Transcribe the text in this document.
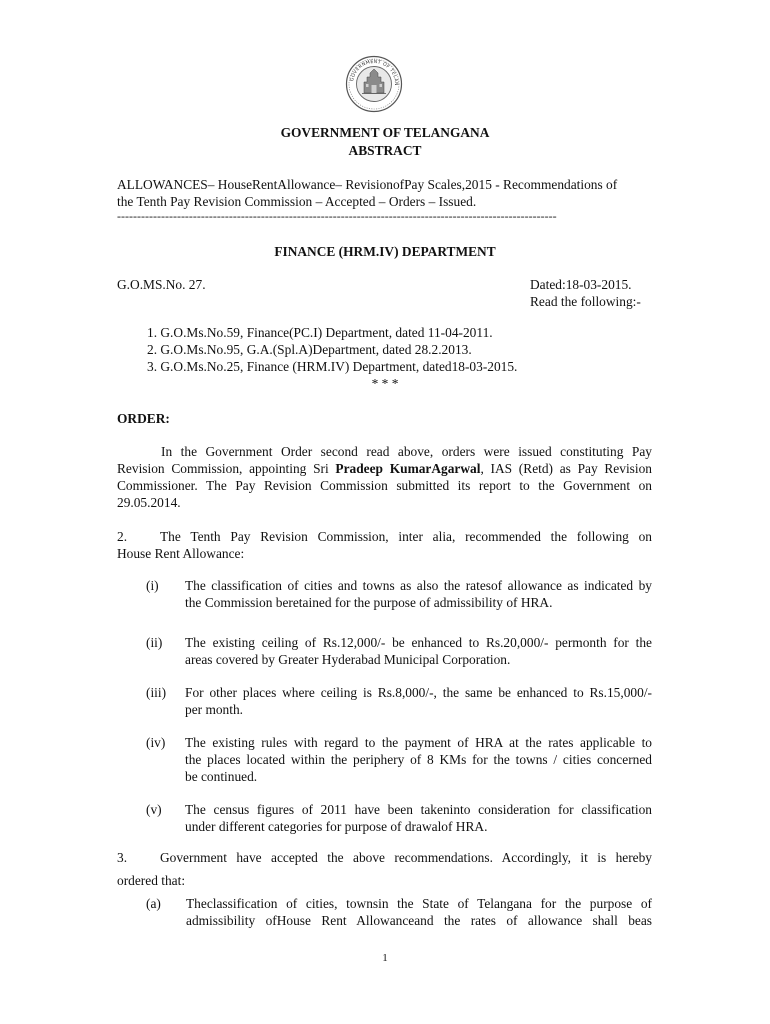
GOVERNMENT OF TELAN
GOVERNMENT OF TELANGANA
ABSTRACT
ALLOWANCES– HouseRentAllowance– RevisionofPay Scales,2015 - Recommendations of
the Tenth Pay Revision Commission – Accepted – Orders – Issued.
--------------------------------------------------------------------------------------------------------------
FINANCE (HRM.IV) DEPARTMENT
G.O.MS.No. 27.	Dated:18-03-2015.
Read the following:-
1. G.O.Ms.No.59, Finance(PC.I) Department, dated 11-04-2011.
2. G.O.Ms.No.95, G.A.(Spl.A)Department, dated 28.2.2013.
3. G.O.Ms.No.25, Finance (HRM.IV) Department, dated18-03-2015.
* * *
ORDER:
In the Government Order second read above, orders were issued constituting Pay
Revision Commission, appointing Sri Pradeep KumarAgarwal, IAS (Retd) as Pay Revision
Commissioner. The Pay Revision Commission submitted its report to the Government on
29.05.2014.
2.	The Tenth Pay Revision Commission, inter alia, recommended the following on
House Rent Allowance:
(i)	The classification of cities and towns as also the ratesof allowance as indicated by
the Commission beretained for the purpose of admissibility of HRA.
(ii)	The existing ceiling of Rs.12,000/- be enhanced to Rs.20,000/- permonth for the
areas covered by Greater Hyderabad Municipal Corporation.
(iii)	For other places where ceiling is Rs.8,000/-, the same be enhanced to Rs.15,000/-
per month.
(iv)	The existing rules with regard to the payment of HRA at the rates applicable to
the places located within the periphery of 8 KMs for the towns / cities concerned
be continued.
(v)	The census figures of 2011 have been takeninto consideration for classification
under different categories for purpose of drawalof HRA.
3.	Government have accepted the above recommendations. Accordingly, it is hereby
ordered that:
(a)	Theclassification of cities, townsin the State of Telangana for the purpose of
admissibility ofHouse Rent Allowanceand the rates of allowance shall beas
1
